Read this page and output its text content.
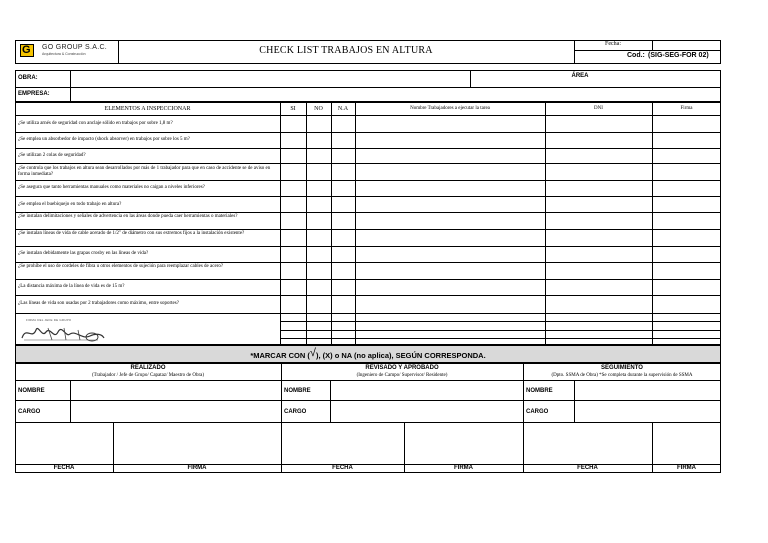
G GO GROUP S.A.C.
Arquitectura & Construcción	CHECK LIST TRABAJOS EN ALTURA
Fecha:
Cod.: (SIG-SEG-FOR 02)
OBRA:
EMPRESA:
ÁREA
ELEMENTOS A INSPECCIONAR	SI	NO	N.A	Nombre Trabajadores a ejecutar la tarea	DNI	Firma
¿Se utiliza arnés de seguridad con anclaje sólido en trabajos por sobre 1,8 m?
¿Se emplea un absorbedor de impacto (shock absorver) en trabajos por sobre los 5 m?
¿Se utilizan 2 colas de seguridad?
¿Se controla que los trabajos en altura sean desarrollados por más de 1 trabajador para que en caso de accidente se de aviso en forma inmediata?
¿Se asegura que tanto herramientas manuales como materiales no caigan a niveles inferiores?
¿Se emplea el buebiquejo en todo trabajo en altura?
¿Se instalan delimitaciones y señales de advertencia en las áreas donde pueda caer herramientas o materiales?
¿Se instalan líneas de vida de cable acerado de 1/2" de diámetro con sus extremos fijos a la instalación existente?
¿Se instalan debidamente las grapas crosby en las líneas de vida?
¿Se prohíbe el uso de cordeles de fibra u otros elementos de sujeción para reemplazar cables de acero?
¿La distancia máxima de la línea de vida es de 15 m?
¿Las líneas de vida son usadas por 2 trabajadores como máximo, entre soportes?
FIRMA DEL JEFE DE GRUPO
*MARCAR CON (√), (X) o NA (no aplica), SEGÚN CORRESPONDA.
REALIZADO
(Trabajador / Jefe de Grupo/ Capataz/ Maestro de Obra)
REVISADO Y APROBADO
(Ingeniero de Campo/ Supervisor/ Residente)
SEGUIMIENTO
(Dpto. SSMA de Obra) *Se completa durante la supervisión de SSMA
NOMBRE
CARGO
NOMBRE
CARGO
NOMBRE
CARGO
FECHA	FIRMA	FECHA	FIRMA	FECHA	FIRMA
